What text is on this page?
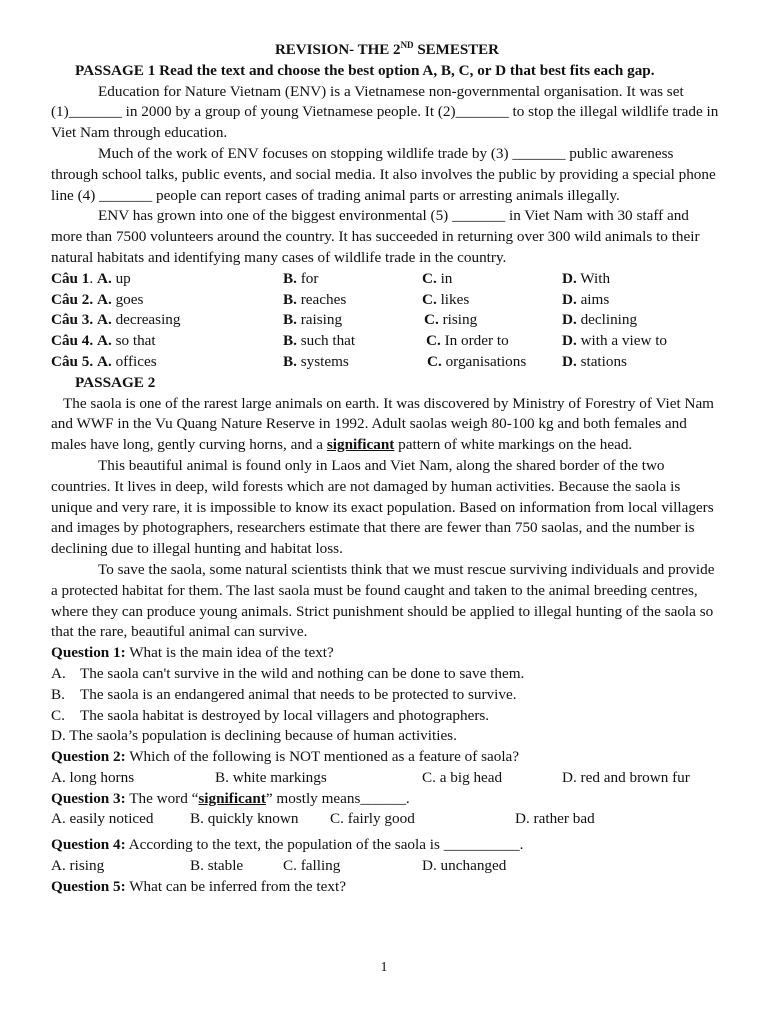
REVISION- THE 2ND SEMESTER
PASSAGE 1 Read the text and choose the best option A, B, C, or D that best fits each gap.

Education for Nature Vietnam (ENV) is a Vietnamese non-governmental organisation. It was set (1)_______ in 2000 by a group of young Vietnamese people. It (2)_______ to stop the illegal wildlife trade in Viet Nam through education.

Much of the work of ENV focuses on stopping wildlife trade by (3) _______ public awareness through school talks, public events, and social media. It also involves the public by providing a special phone line (4) _______ people can report cases of trading animal parts or arresting animals illegally.

ENV has grown into one of the biggest environmental (5) _______ in Viet Nam with 30 staff and more than 7500 volunteers around the country. It has succeeded in returning over 300 wild animals to their natural habitats and identifying many cases of wildlife trade in the country.

Câu 1. A. up	B. for	C. in	D. With
Câu 2. A. goes	B. reaches	C. likes	D. aims
Câu 3. A. decreasing	B. raising	C. rising	D. declining
Câu 4. A. so that	B. such that	C. In order to	D. with a view to
Câu 5. A. offices	B. systems	C. organisations D. stations
PASSAGE 2

The saola is one of the rarest large animals on earth. It was discovered by Ministry of Forestry of Viet Nam and WWF in the Vu Quang Nature Reserve in 1992. Adult saolas weigh 80-100 kg and both females and males have long, gently curving horns, and a significant pattern of white markings on the head.

This beautiful animal is found only in Laos and Viet Nam, along the shared border of the two countries. It lives in deep, wild forests which are not damaged by human activities. Because the saola is unique and very rare, it is impossible to know its exact population. Based on information from local villagers and images by photographers, researchers estimate that there are fewer than 750 saolas, and the number is declining due to illegal hunting and habitat loss.

To save the saola, some natural scientists think that we must rescue surviving individuals and provide a protected habitat for them. The last saola must be found caught and taken to the animal breeding centres, where they can produce young animals. Strict punishment should be applied to illegal hunting of the saola so that the rare, beautiful animal can survive.

Question 1: What is the main idea of the text?
A. The saola can't survive in the wild and nothing can be done to save them.
B. The saola is an endangered animal that needs to be protected to survive.
C. The saola habitat is destroyed by local villagers and photographers.
D. The saola’s population is declining because of human activities.
Question 2: Which of the following is NOT mentioned as a feature of saola?
A. long horns	B. white markings	C. a big head	D. red and brown fur
Question 3: The word “significant” mostly means______.
A. easily noticed B. quickly known C. fairly good	D. rather bad
Question 4: According to the text, the population of the saola is __________.
A. rising	B. stable	C. falling	D. unchanged
Question 5: What can be inferred from the text?
1
